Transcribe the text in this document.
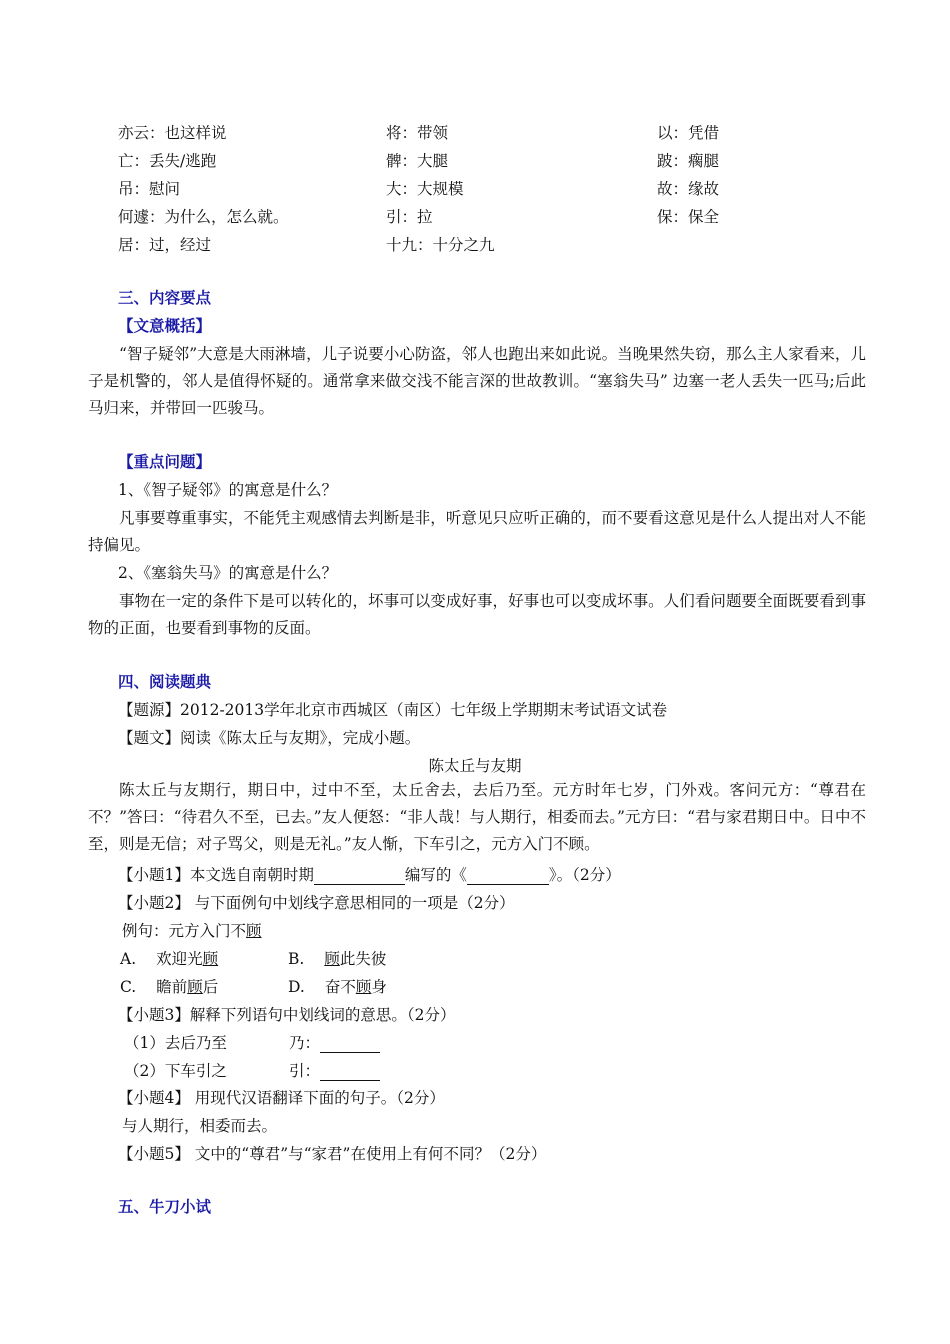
亦云：也这样说	将：带领	以：凭借
亡：丢失/逃跑	髀：大腿	跛：瘸腿
吊：慰问	大：大规模	故：缘故
何遽：为什么，怎么就。	引：拉	保：保全
居：过，经过	十九：十分之九
三、内容要点
【文意概括】
“智子疑邻”大意是大雨淋墙，儿子说要小心防盗，邻人也跑出来如此说。当晚果然失窃，那么主人家看来，儿子是机警的，邻人是值得怀疑的。通常拿来做交浅不能言深的世故教训。“塞翁失马” 边塞一老人丢失一匹马;后此马归来，并带回一匹骏马。
【重点问题】
1、《智子疑邻》的寓意是什么？
凡事要尊重事实，不能凭主观感情去判断是非，听意见只应听正确的，而不要看这意见是什么人提出对人不能持偏见。
2、《塞翁失马》的寓意是什么？
事物在一定的条件下是可以转化的，坏事可以变成好事，好事也可以变成坏事。人们看问题要全面既要看到事物的正面，也要看到事物的反面。
四、阅读题典
【题源】2012-2013学年北京市西城区（南区）七年级上学期期末考试语文试卷
【题文】阅读《陈太丘与友期》，完成小题。
陈太丘与友期
陈太丘与友期行，期日中，过中不至，太丘舍去，去后乃至。元方时年七岁，门外戏。客问元方：“尊君在不？”答曰：“待君久不至，已去。”友人便怒：“非人哉！与人期行，相委而去。”元方曰：“君与家君期日中。日中不至，则是无信；对子骂父，则是无礼。”友人惭，下车引之，元方入门不顾。
【小题1】本文选自南朝时期	编写的《	》。（2分）
【小题2】 与下面例句中划线字意思相同的一项是（2分）
例句：元方入门不顾
A. 欢迎光顾	B. 顾此失彼
C. 瞻前顾后	D. 奋不顾身
【小题3】解释下列语句中划线词的意思。（2分）
（1）去后乃至	乃：
（2）下车引之	引：
【小题4】 用现代汉语翻译下面的句子。（2分）
与人期行，相委而去。
【小题5】 文中的“尊君”与“家君”在使用上有何不同？（2分）
五、牛刀小试
